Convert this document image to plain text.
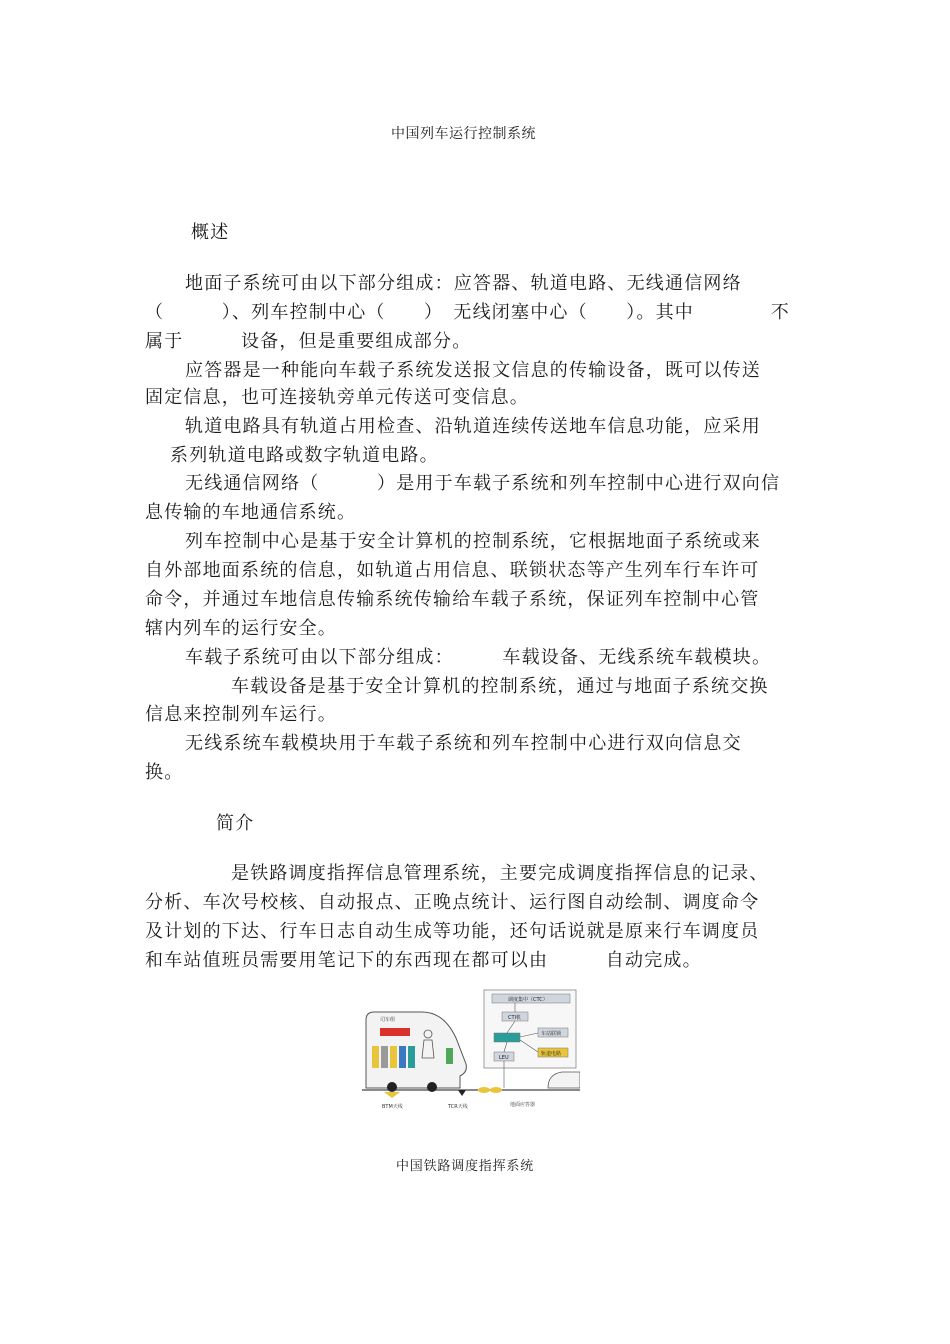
中国列车运行控制系统
概述
地面子系统可由以下部分组成：应答器、轨道电路、无线通信网络
（　　　）、列车控制中心（　　）　无线闭塞中心（　　）。其中　　　　不
属于　　　设备，但是重要组成部分。
应答器是一种能向车载子系统发送报文信息的传输设备，既可以传送
固定信息，也可连接轨旁单元传送可变信息。
轨道电路具有轨道占用检查、沿轨道连续传送地车信息功能，应采用
系列轨道电路或数字轨道电路。
无线通信网络（　　　）是用于车载子系统和列车控制中心进行双向信
息传输的车地通信系统。
列车控制中心是基于安全计算机的控制系统，它根据地面子系统或来
自外部地面系统的信息，如轨道占用信息、联锁状态等产生列车行车许可
命令，并通过车地信息传输系统传输给车载子系统，保证列车控制中心管
辖内列车的运行安全。
车载子系统可由以下部分组成：　　　车载设备、无线系统车载模块。
车载设备是基于安全计算机的控制系统，通过与地面子系统交换
信息来控制列车运行。
无线系统车载模块用于车载子系统和列车控制中心进行双向信息交
换。
简介
是铁路调度指挥信息管理系统，主要完成调度指挥信息的记录、
分析、车次号校核、自动报点、正晚点统计、运行图自动绘制、调度命令
及计划的下达、行车日志自动生成等功能，还句话说就是原来行车调度员
和车站值班员需要用笔记下的东西现在都可以由　　　自动完成。
司车组
BTM天线	TCR天线
调度集中（CTC）
CTI机
车站联锁
LEU
轨道电路
地面应答器
中国铁路调度指挥系统
